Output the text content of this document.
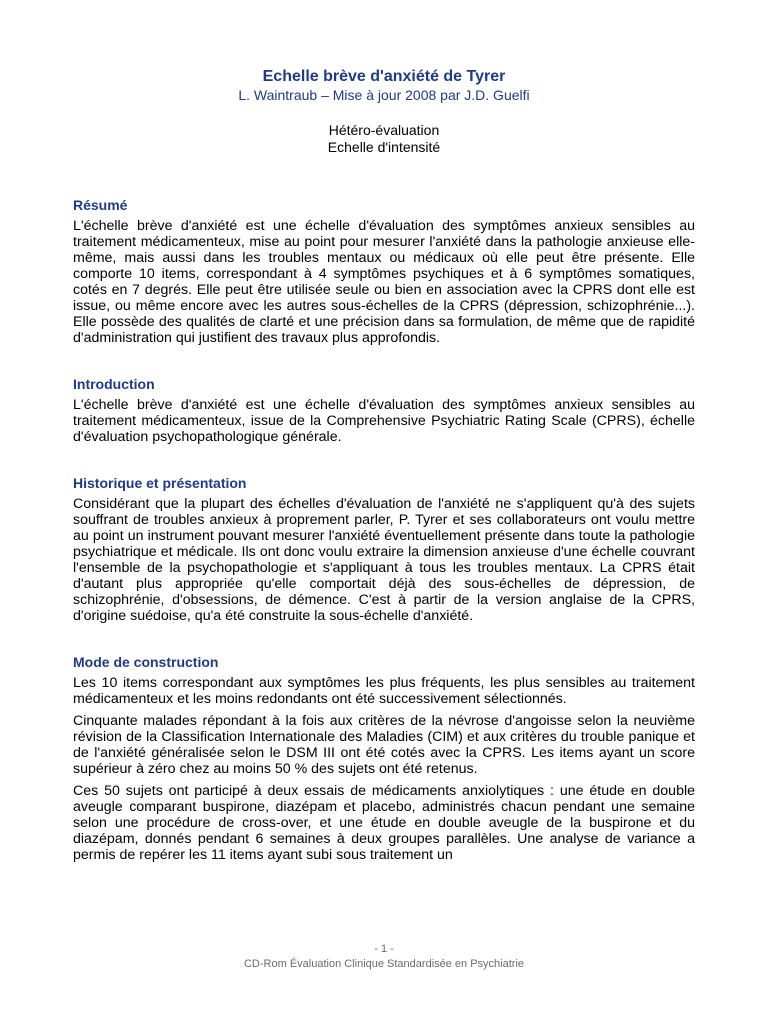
Echelle brève d'anxiété de Tyrer
L. Waintraub – Mise à jour 2008 par J.D. Guelfi
Hétéro-évaluation
Echelle d'intensité
Résumé

L'échelle brève d'anxiété est une échelle d'évaluation des symptômes anxieux sensibles au traitement médicamenteux, mise au point pour mesurer l'anxiété dans la pathologie anxieuse elle-même, mais aussi dans les troubles mentaux ou médicaux où elle peut être présente. Elle comporte 10 items, correspondant à 4 symptômes psychiques et à 6 symptômes somatiques, cotés en 7 degrés. Elle peut être utilisée seule ou bien en association avec la CPRS dont elle est issue, ou même encore avec les autres sous-échelles de la CPRS (dépression, schizophrénie...). Elle possède des qualités de clarté et une précision dans sa formulation, de même que de rapidité d'administration qui justifient des travaux plus approfondis.

Introduction

L'échelle brève d'anxiété est une échelle d'évaluation des symptômes anxieux sensibles au traitement médicamenteux, issue de la Comprehensive Psychiatric Rating Scale (CPRS), échelle d'évaluation psychopathologique générale.

Historique et présentation

Considérant que la plupart des échelles d'évaluation de l'anxiété ne s'appliquent qu'à des sujets souffrant de troubles anxieux à proprement parler, P. Tyrer et ses collaborateurs ont voulu mettre au point un instrument pouvant mesurer l'anxiété éventuellement présente dans toute la pathologie psychiatrique et médicale. Ils ont donc voulu extraire la dimension anxieuse d'une échelle couvrant l'ensemble de la psychopathologie et s'appliquant à tous les troubles mentaux. La CPRS était d'autant plus appropriée qu'elle comportait déjà des sous-échelles de dépression, de schizophrénie, d'obsessions, de démence. C'est à partir de la version anglaise de la CPRS, d'origine suédoise, qu'a été construite la sous-échelle d'anxiété.

Mode de construction

Les 10 items correspondant aux symptômes les plus fréquents, les plus sensibles au traitement médicamenteux et les moins redondants ont été successivement sélectionnés.

Cinquante malades répondant à la fois aux critères de la névrose d'angoisse selon la neuvième révision de la Classification Internationale des Maladies (CIM) et aux critères du trouble panique et de l'anxiété généralisée selon le DSM III ont été cotés avec la CPRS. Les items ayant un score supérieur à zéro chez au moins 50 % des sujets ont été retenus.

Ces 50 sujets ont participé à deux essais de médicaments anxiolytiques : une étude en double aveugle comparant buspirone, diazépam et placebo, administrés chacun pendant une semaine selon une procédure de cross-over, et une étude en double aveugle de la buspirone et du diazépam, donnés pendant 6 semaines à deux groupes parallèles. Une analyse de variance a permis de repérer les 11 items ayant subi sous traitement un

- 1 -
CD-Rom Évaluation Clinique Standardisée en Psychiatrie
